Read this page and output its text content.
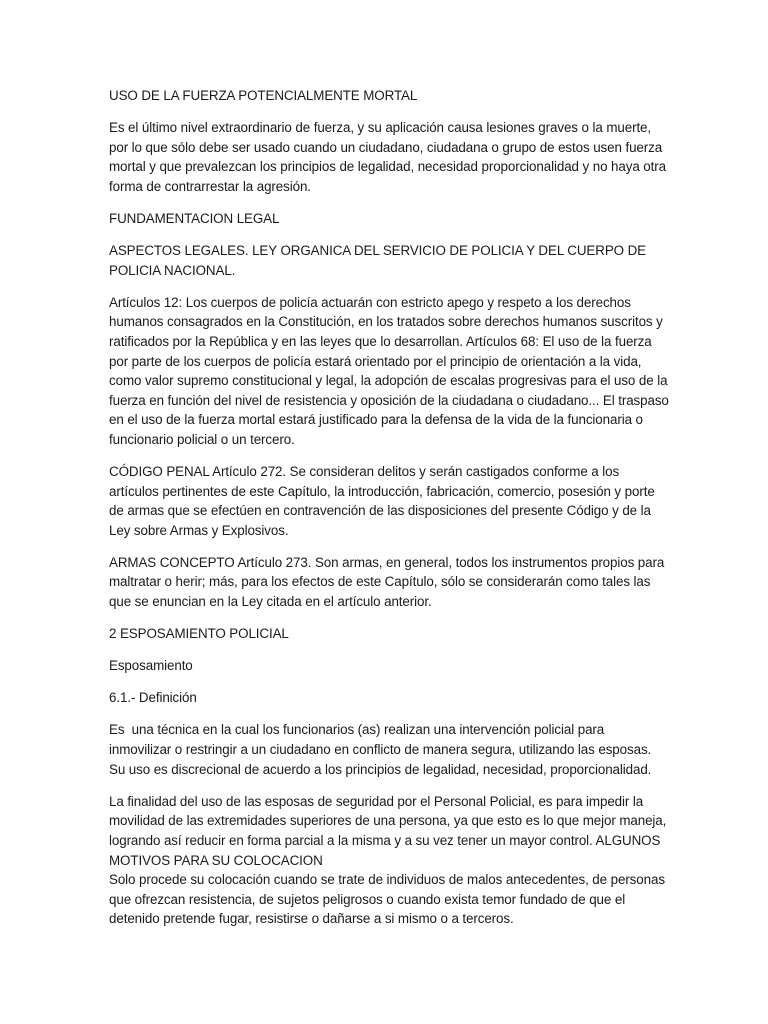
USO DE LA FUERZA POTENCIALMENTE MORTAL

Es el último nivel extraordinario de fuerza, y su aplicación causa lesiones graves o la muerte, por lo que sólo debe ser usado cuando un ciudadano, ciudadana o grupo de estos usen fuerza mortal y que prevalezcan los principios de legalidad, necesidad proporcionalidad y no haya otra forma de contrarrestar la agresión.

FUNDAMENTACION LEGAL

ASPECTOS LEGALES. LEY ORGANICA DEL SERVICIO DE POLICIA Y DEL CUERPO DE POLICIA NACIONAL.

Artículos 12: Los cuerpos de policía actuarán con estricto apego y respeto a los derechos humanos consagrados en la Constitución, en los tratados sobre derechos humanos suscritos y ratificados por la República y en las leyes que lo desarrollan. Artículos 68: El uso de la fuerza por parte de los cuerpos de policía estará orientado por el principio de orientación a la vida, como valor supremo constitucional y legal, la adopción de escalas progresivas para el uso de la fuerza en función del nivel de resistencia y oposición de la ciudadana o ciudadano... El traspaso en el uso de la fuerza mortal estará justificado para la defensa de la vida de la funcionaria o funcionario policial o un tercero.

CÓDIGO PENAL Artículo 272. Se consideran delitos y serán castigados conforme a los artículos pertinentes de este Capítulo, la introducción, fabricación, comercio, posesión y porte de armas que se efectúen en contravención de las disposiciones del presente Código y de la Ley sobre Armas y Explosivos.

ARMAS CONCEPTO Artículo 273. Son armas, en general, todos los instrumentos propios para maltratar o herir; más, para los efectos de este Capítulo, sólo se considerarán como tales las que se enuncian en la Ley citada en el artículo anterior.

2 ESPOSAMIENTO POLICIAL

Esposamiento

6.1.- Definición

Es  una técnica en la cual los funcionarios (as) realizan una intervención policial para inmovilizar o restringir a un ciudadano en conflicto de manera segura, utilizando las esposas. Su uso es discrecional de acuerdo a los principios de legalidad, necesidad, proporcionalidad.

La finalidad del uso de las esposas de seguridad por el Personal Policial, es para impedir la movilidad de las extremidades superiores de una persona, ya que esto es lo que mejor maneja, logrando así reducir en forma parcial a la misma y a su vez tener un mayor control. ALGUNOS MOTIVOS PARA SU COLOCACION

Solo procede su colocación cuando se trate de individuos de malos antecedentes, de personas que ofrezcan resistencia, de sujetos peligrosos o cuando exista temor fundado de que el detenido pretende fugar, resistirse o dañarse a si mismo o a terceros.
